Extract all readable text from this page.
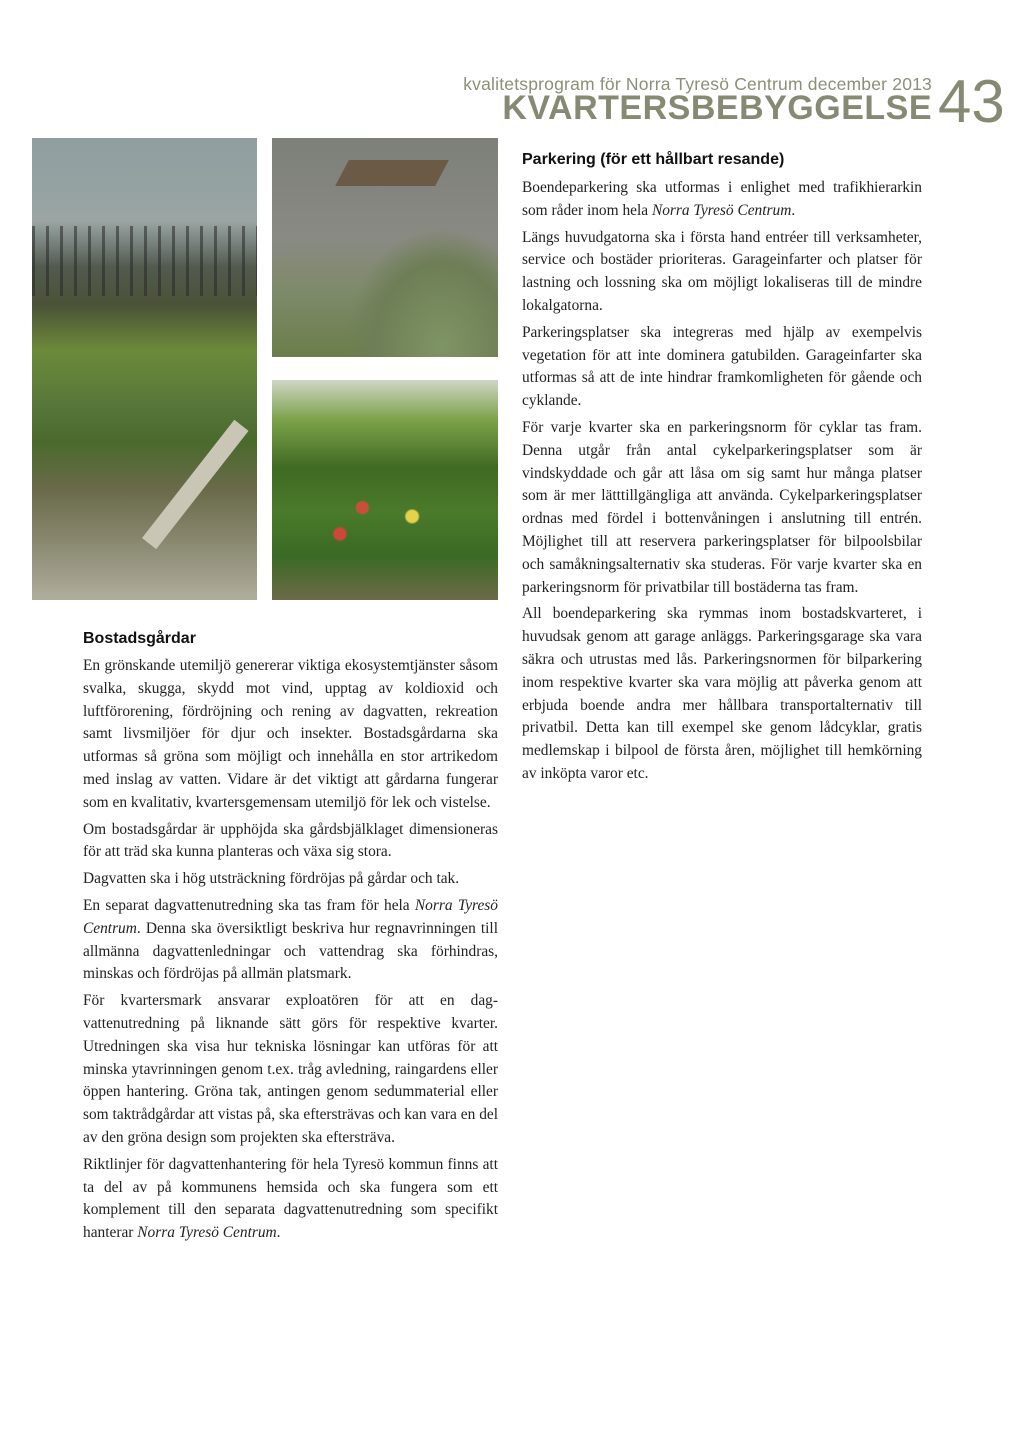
kvalitetsprogram för Norra Tyresö Centrum december 2013
KVARTERSBEBYGGELSE 43
Bostadsgårdar

En grönskande utemiljö genererar viktiga ekosystemtjänster såsom svalka, skugga, skydd mot vind, upptag av koldioxid och luftförorening, fördröjning och rening av dagvatten, rekreation samt livsmiljöer för djur och insekter. Bostadsgårdarna ska utformas så gröna som möjligt och innehålla en stor artrikedom med inslag av vatten. Vidare är det viktigt att gårdarna fungerar som en kvalitativ, kvartersgemensam utemiljö för lek och vistelse.

Om bostadsgårdar är upphöjda ska gårdsbjälklaget dimensioneras för att träd ska kunna planteras och växa sig stora.

Dagvatten ska i hög utsträckning fördröjas på gårdar och tak.

En separat dagvattenutredning ska tas fram för hela Norra Tyresö Centrum. Denna ska översiktligt beskriva hur regnavrinningen till allmänna dagvattenledningar och vattendrag ska förhindras, minskas och fördröjas på allmän platsmark.

För kvartersmark ansvarar exploatören för att en dagvattenutredning på liknande sätt görs för respektive kvarter. Utredningen ska visa hur tekniska lösningar kan utföras för att minska ytavrinningen genom t.ex. tråg avledning, raingardens eller öppen hantering. Gröna tak, antingen genom sedummaterial eller som taktrådgårdar att vistas på, ska eftersträvas och kan vara en del av den gröna design som projekten ska eftersträva.

Riktlinjer för dagvattenhantering för hela Tyresö kommun finns att ta del av på kommunens hemsida och ska fungera som ett komplement till den separata dagvattenutredning som specifikt hanterar Norra Tyresö Centrum.

Parkering (för ett hållbart resande)

Boendeparkering ska utformas i enlighet med trafikhierarkin som råder inom hela Norra Tyresö Centrum.

Längs huvudgatorna ska i första hand entréer till verksamheter, service och bostäder prioriteras. Garageinfarter och platser för lastning och lossning ska om möjligt lokaliseras till de mindre lokalgatorna.

Parkeringsplatser ska integreras med hjälp av exempelvis vegetation för att inte dominera gatubilden. Garageinfarter ska utformas så att de inte hindrar framkomligheten för gående och cyklande.

För varje kvarter ska en parkeringsnorm för cyklar tas fram. Denna utgår från antal cykelparkeringsplatser som är vindskyddade och går att låsa om sig samt hur många platser som är mer lätttillgängliga att använda. Cykelparkeringsplatser ordnas med fördel i bottenvåningen i anslutning till entrén. Möjlighet till att reservera parkeringsplatser för bilpoolsbilar och samåkningsalternativ ska studeras. För varje kvarter ska en parkeringsnorm för privatbilar till bostäderna tas fram.

All boendeparkering ska rymmas inom bostadskvarteret, i huvudsak genom att garage anläggs. Parkeringsgarage ska vara säkra och utrustas med lås. Parkeringsnormen för bilparkering inom respektive kvarter ska vara möjlig att påverka genom att erbjuda boende andra mer hållbara transportalternativ till privatbil. Detta kan till exempel ske genom lådcyklar, gratis medlemskap i bilpool de första åren, möjlighet till hemkörning av inköpta varor etc.
